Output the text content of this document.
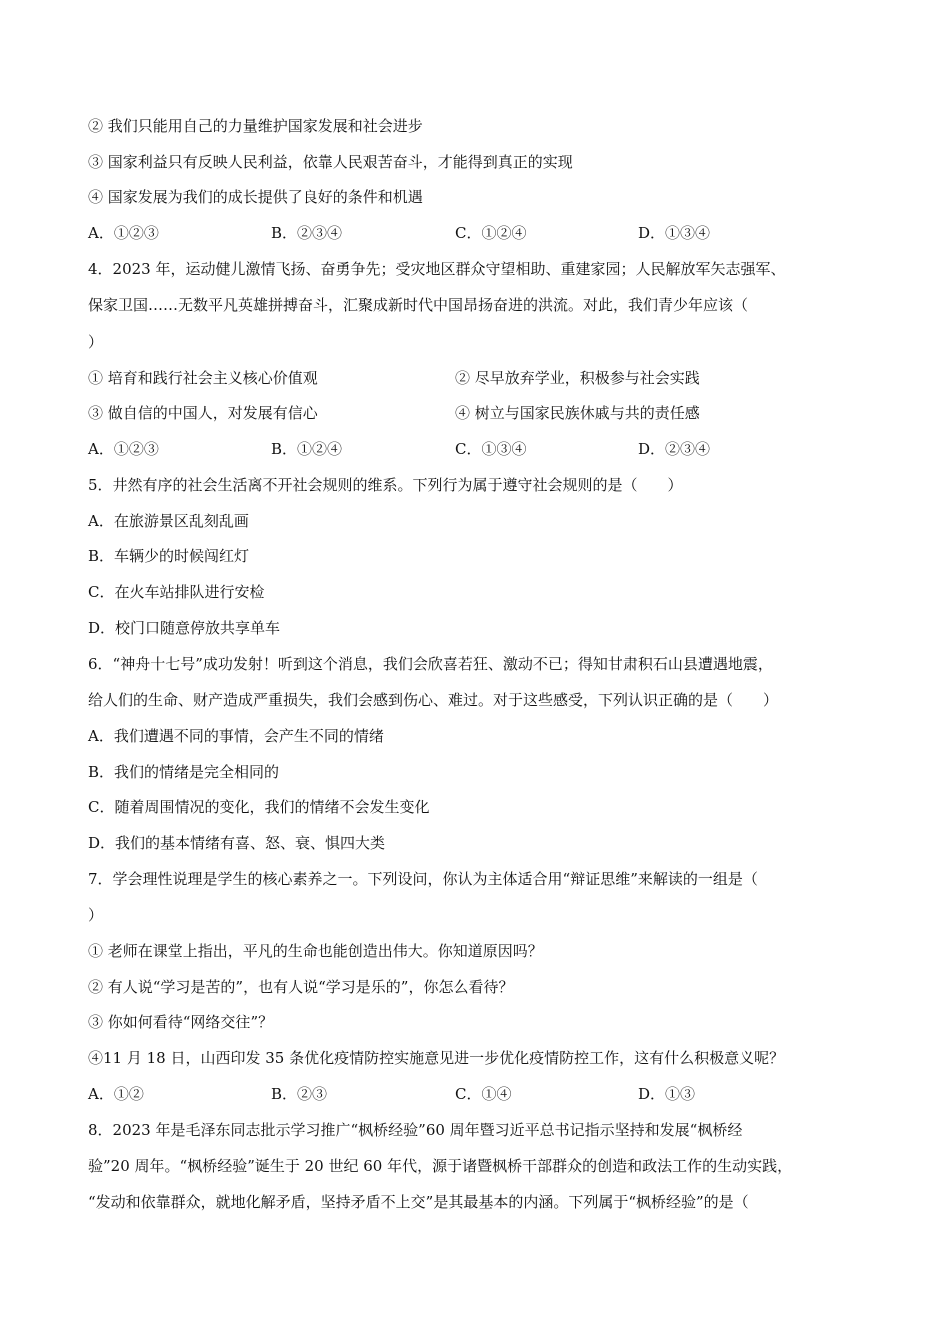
② 我们只能用自己的力量维护国家发展和社会进步
③ 国家利益只有反映人民利益，依靠人民艰苦奋斗，才能得到真正的实现
④ 国家发展为我们的成长提供了良好的条件和机遇
A．①②③	B．②③④	C．①②④	D．①③④
4．2023 年，运动健儿激情飞扬、奋勇争先；受灾地区群众守望相助、重建家园；人民解放军矢志强军、
保家卫国……无数平凡英雄拼搏奋斗，汇聚成新时代中国昂扬奋进的洪流。对此，我们青少年应该（
）
① 培育和践行社会主义核心价值观	② 尽早放弃学业，积极参与社会实践
③ 做自信的中国人，对发展有信心	④ 树立与国家民族休戚与共的责任感
A．①②③	B．①②④	C．①③④	D．②③④
5．井然有序的社会生活离不开社会规则的维系。下列行为属于遵守社会规则的是（　　）
A．在旅游景区乱刻乱画
B．车辆少的时候闯红灯
C．在火车站排队进行安检
D．校门口随意停放共享单车
6．“神舟十七号”成功发射！听到这个消息，我们会欣喜若狂、激动不已；得知甘肃积石山县遭遇地震，
给人们的生命、财产造成严重损失，我们会感到伤心、难过。对于这些感受，下列认识正确的是（　　）
A．我们遭遇不同的事情，会产生不同的情绪
B．我们的情绪是完全相同的
C．随着周围情况的变化，我们的情绪不会发生变化
D．我们的基本情绪有喜、怒、衰、惧四大类
7．学会理性说理是学生的核心素养之一。下列设问，你认为主体适合用“辩证思维”来解读的一组是（
）
① 老师在课堂上指出，平凡的生命也能创造出伟大。你知道原因吗？
② 有人说“学习是苦的”，也有人说“学习是乐的”，你怎么看待？
③ 你如何看待“网络交往”？
④11 月 18 日，山西印发 35 条优化疫情防控实施意见进一步优化疫情防控工作，这有什么积极意义呢？
A．①②	B．②③	C．①④	D．①③
8．2023 年是毛泽东同志批示学习推广“枫桥经验”60 周年暨习近平总书记指示坚持和发展“枫桥经
验”20 周年。“枫桥经验”诞生于 20 世纪 60 年代，源于诸暨枫桥干部群众的创造和政法工作的生动实践，
“发动和依靠群众，就地化解矛盾，坚持矛盾不上交”是其最基本的内涵。下列属于“枫桥经验”的是（
